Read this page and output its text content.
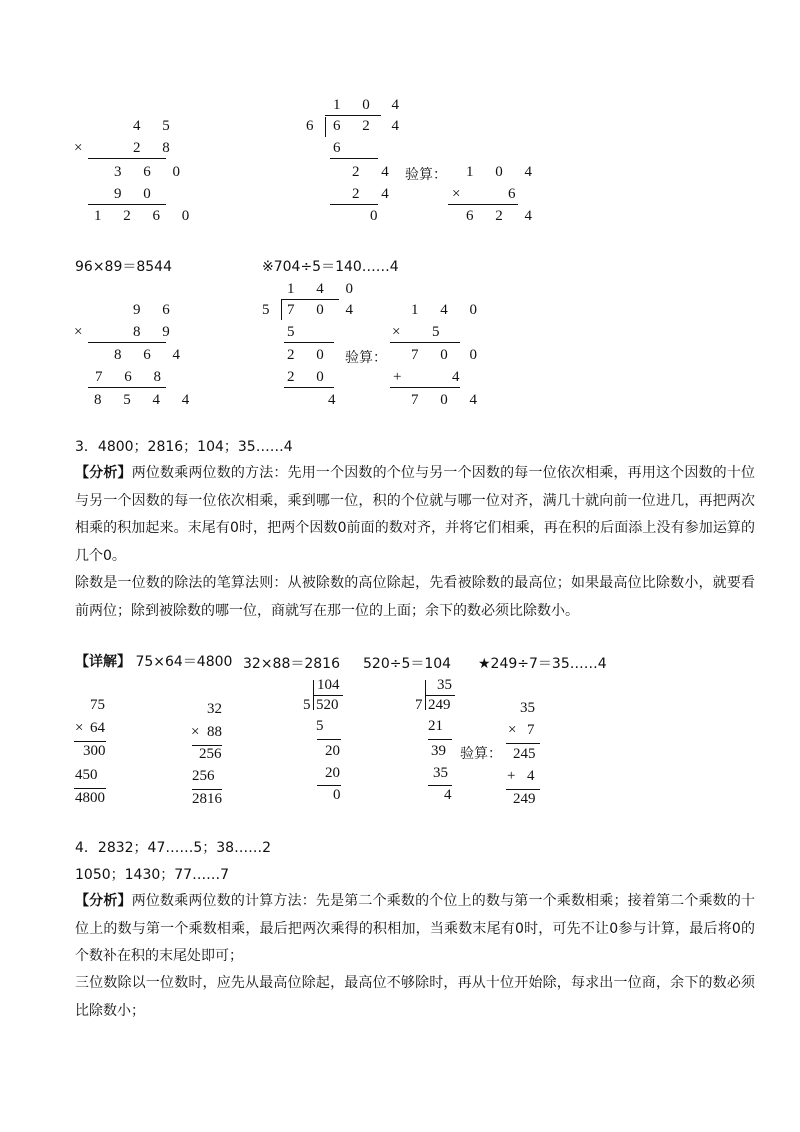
4 5
×	2 8
3 6 0
9 0
1 2 6 0
1 0 4
6 6 2 4
6
2 4
2 4
0
验算： 1 0 4
×	6
6 2 4
96×89＝8544	※704÷5＝140……4
9 6
×	8 9
8 6 4
7 6 8
8 5 4 4
1 4 0
5 7 0 4
5
2 0
2 0
4
验算：
1 4 0
× 5
7 0 0
+	4
7 0 4
3．4800；2816；104；35……4
【分析】两位数乘两位数的方法：先用一个因数的个位与另一个因数的每一位依次相乘，再用这个因数的十位与另一个因数的每一位依次相乘，乘到哪一位，积的个位就与哪一位对齐，满几十就向前一位进几，再把两次相乘的积加起来。末尾有0时，把两个因数0前面的数对齐，并将它们相乘，再在积的后面添上没有参加运算的几个0。
除数是一位数的除法的笔算法则：从被除数的高位除起，先看被除数的最高位；如果最高位比除数小，就要看前两位；除到被除数的哪一位，商就写在那一位的上面；余下的数必须比除数小。
【详解】 75×64＝4800 32×88＝2816 520÷5＝104 ★249÷7＝35……4
75
× 64
300
450
4800
32
× 88
256
256
2816
104
5 520
5
20
20
0
35
7 249
21
39
35
4
验算：
35
× 7
245
+ 4
249
4．2832；47……5；38……2
1050；1430；77……7
【分析】两位数乘两位数的计算方法：先是第二个乘数的个位上的数与第一个乘数相乘；接着第二个乘数的十位上的数与第一个乘数相乘，最后把两次乘得的积相加，当乘数末尾有0时，可先不让0参与计算，最后将0的个数补在积的末尾处即可；
三位数除以一位数时，应先从最高位除起，最高位不够除时，再从十位开始除，每求出一位商，余下的数必须比除数小；
